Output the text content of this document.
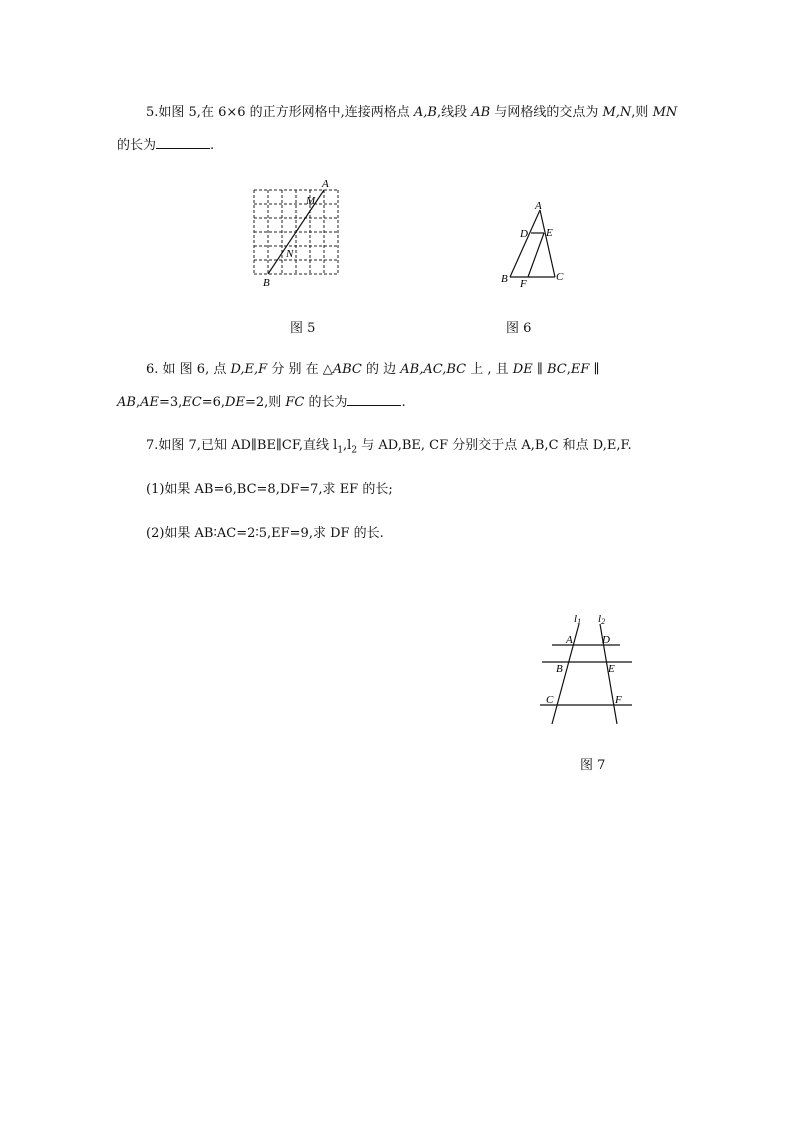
5.如图 5,在 6×6 的正方形网格中,连接两格点 A,B,线段 AB 与网格线的交点为 M,N,则 MN
的长为	.
A
M
N
B
图 5
A
D E
B F
C
图 6
6. 如 图 6, 点 D,E,F 分 别 在 △ABC 的 边 AB,AC,BC 上 , 且 DE ∥ BC,EF ∥
AB,AE=3,EC=6,DE=2,则 FC 的长为	.
7.如图 7,已知 AD∥BE∥CF,直线 $l_1,l_2$ 与 AD,BE, CF 分别交于点 A,B,C 和点 D,E,F.
(1)如果 AB=6,BC=8,DF=7,求 EF 的长;
(2)如果 AB∶AC=2∶5,EF=9,求 DF 的长.
l1 l2
A	D
B	E
C	F
图 7
